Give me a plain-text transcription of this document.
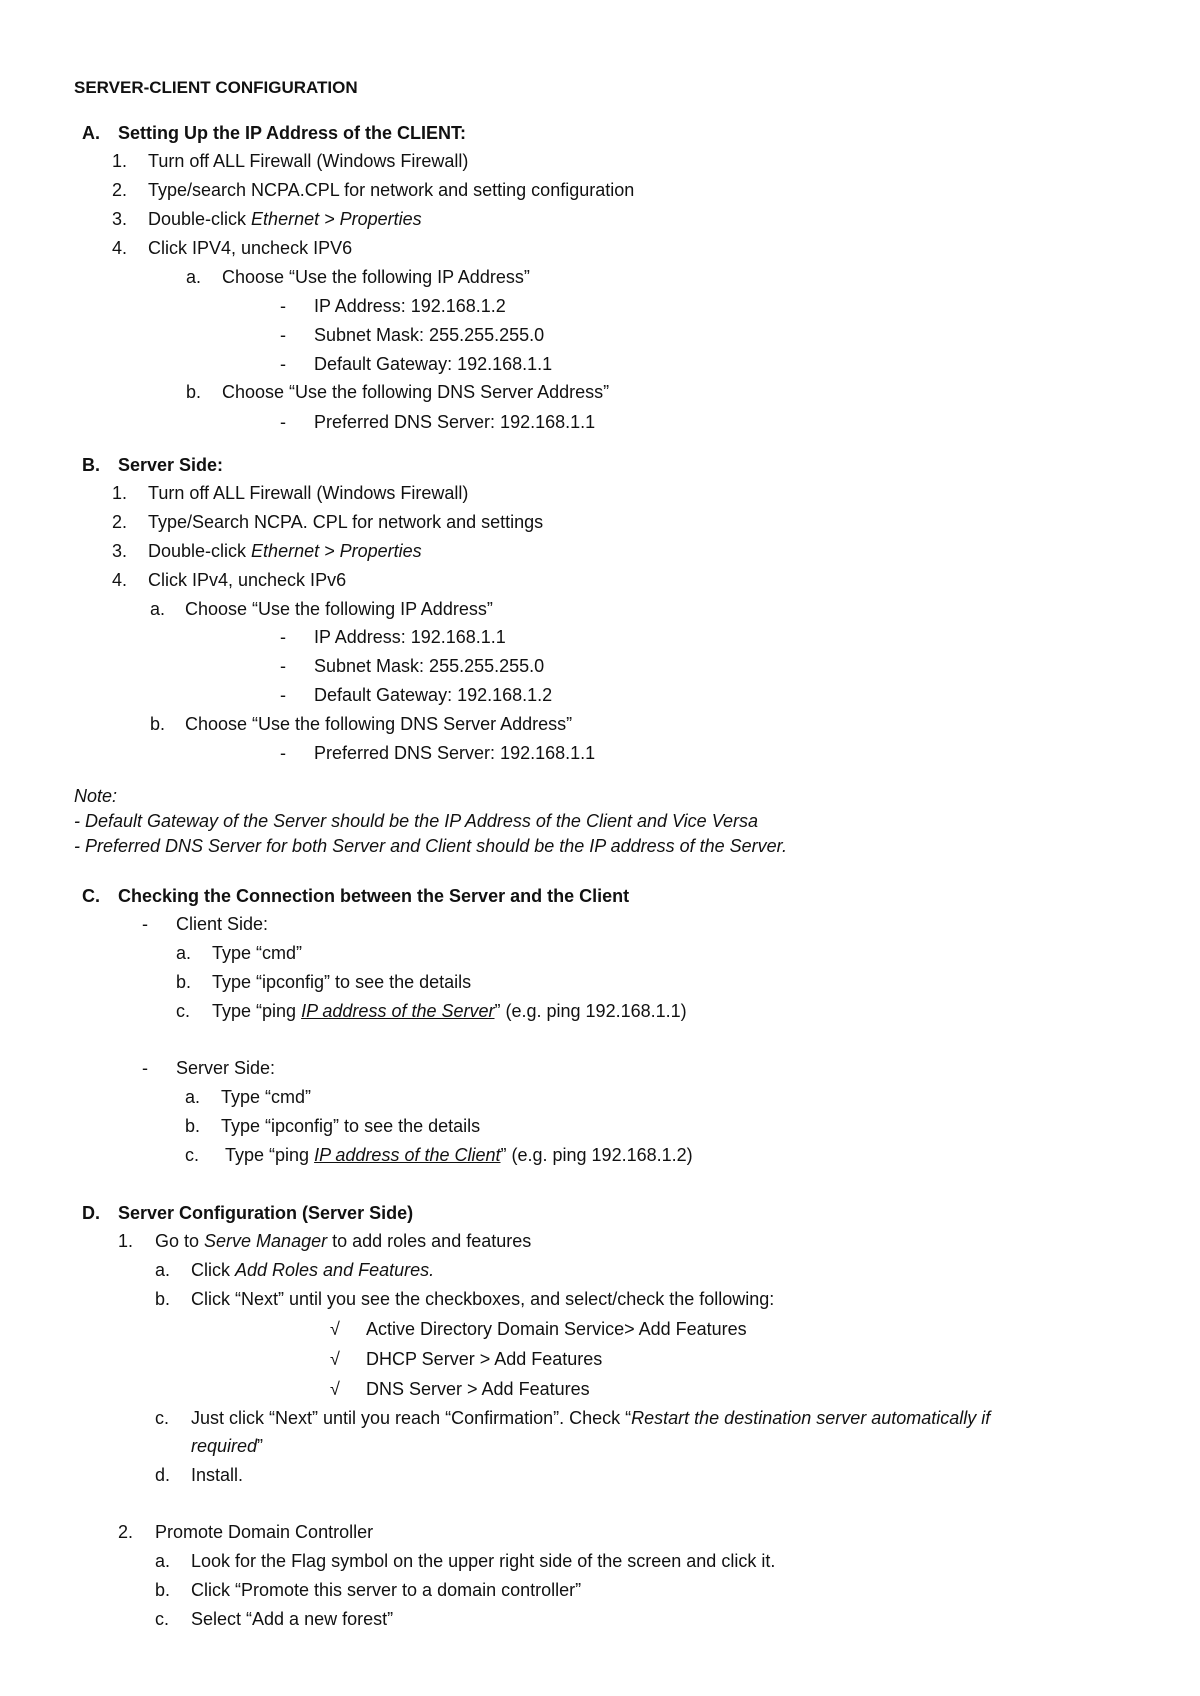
SERVER-CLIENT CONFIGURATION
A. Setting Up the IP Address of the CLIENT:
1. Turn off ALL Firewall (Windows Firewall)
2. Type/search NCPA.CPL for network and setting configuration
3. Double-click Ethernet > Properties
4. Click IPV4, uncheck IPV6
a. Choose “Use the following IP Address”
- IP Address: 192.168.1.2
- Subnet Mask: 255.255.255.0
- Default Gateway: 192.168.1.1
b. Choose “Use the following DNS Server Address”
- Preferred DNS Server: 192.168.1.1
B. Server Side:
1. Turn off ALL Firewall (Windows Firewall)
2. Type/Search NCPA. CPL for network and settings
3. Double-click Ethernet > Properties
4. Click IPv4, uncheck IPv6
a. Choose “Use the following IP Address”
- IP Address: 192.168.1.1
- Subnet Mask: 255.255.255.0
- Default Gateway: 192.168.1.2
b. Choose “Use the following DNS Server Address”
- Preferred DNS Server: 192.168.1.1
Note:
- Default Gateway of the Server should be the IP Address of the Client and Vice Versa
- Preferred DNS Server for both Server and Client should be the IP address of the Server.
C. Checking the Connection between the Server and the Client
- Client Side:
a. Type “cmd”
b. Type “ipconfig” to see the details
c. Type “ping IP address of the Server” (e.g. ping 192.168.1.1)
- Server Side:
a. Type “cmd”
b. Type “ipconfig” to see the details
c. Type “ping IP address of the Client” (e.g. ping 192.168.1.2)
D. Server Configuration (Server Side)
1. Go to Serve Manager to add roles and features
a. Click Add Roles and Features.
b. Click “Next” until you see the checkboxes, and select/check the following:
√ Active Directory Domain Service> Add Features
√ DHCP Server > Add Features
√ DNS Server > Add Features
c. Just click “Next” until you reach “Confirmation”. Check “Restart the destination server automatically if
required”
d. Install.
2. Promote Domain Controller
a. Look for the Flag symbol on the upper right side of the screen and click it.
b. Click “Promote this server to a domain controller”
c. Select “Add a new forest”
